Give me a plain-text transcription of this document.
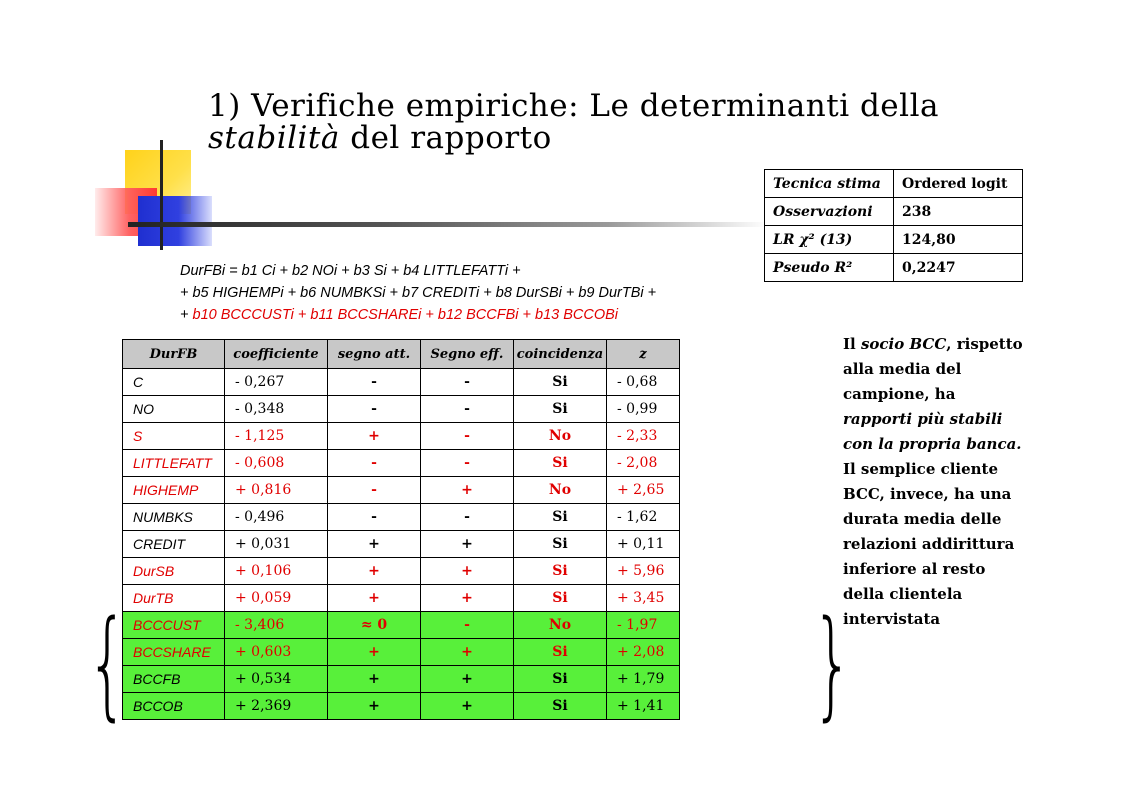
1) Verifiche empiriche: Le determinanti della
stabilità del rapporto
Tecnica stima	Ordered logit
Osservazioni	238
LR χ² (13)	124,80
Pseudo R²	0,2247
DurFBi = b1 Ci + b2 NOi + b3 Si + b4 LITTLEFATTi +
+ b5 HIGHEMPi + b6 NUMBKSi + b7 CREDITi + b8 DurSBi + b9 DurTBi +
+ b10 BCCCUSTi + b11 BCCSHAREi + b12 BCCFBi + b13 BCCOBi
DurFB	coefficiente	segno att.	Segno eff.	coincidenza	z
C	- 0,267	-	-	Si	- 0,68
NO	- 0,348	-	-	Si	- 0,99
S	- 1,125	+	-	No	- 2,33
LITTLEFATT	- 0,608	-	-	Si	- 2,08
HIGHEMP	+ 0,816	-	+	No	+ 2,65
NUMBKS	- 0,496	-	-	Si	- 1,62
CREDIT	+ 0,031	+	+	Si	+ 0,11
DurSB	+ 0,106	+	+	Si	+ 5,96
DurTB	+ 0,059	+	+	Si	+ 3,45
BCCCUST	- 3,406	≈ 0	-	No	- 1,97
BCCSHARE	+ 0,603	+	+	Si	+ 2,08
BCCFB	+ 0,534	+	+	Si	+ 1,79
BCCOB	+ 2,369	+	+	Si	+ 1,41
{	}
Il socio BCC, rispetto alla media del campione, ha rapporti più stabili con la propria banca. Il semplice cliente BCC, invece, ha una durata media delle relazioni addirittura inferiore al resto della clientela intervistata
